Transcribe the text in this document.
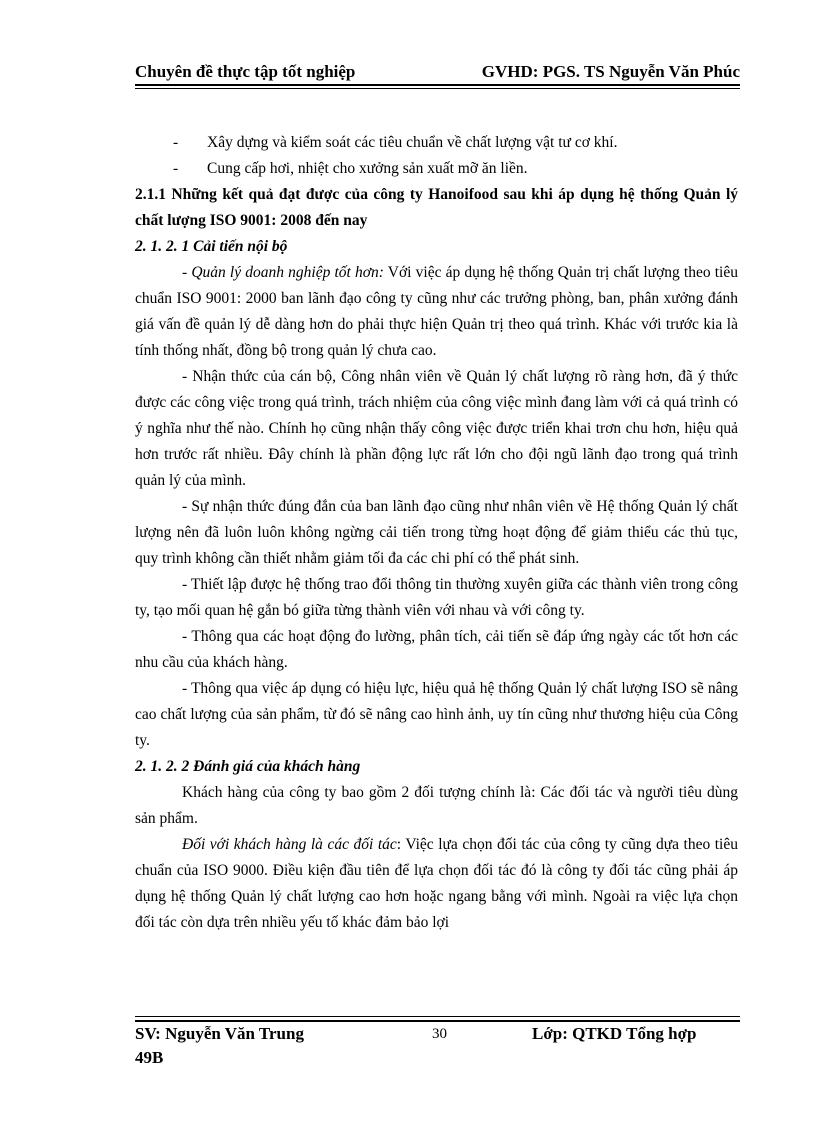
Chuyên đề thực tập tốt nghiệp	GVHD: PGS. TS Nguyễn Văn Phúc

- Xây dựng và kiểm soát các tiêu chuẩn về chất lượng vật tư cơ khí.

- Cung cấp hơi, nhiệt cho xưởng sản xuất mỡ ăn liền.

2.1.1 Những kết quả đạt được của công ty Hanoifood sau khi áp dụng hệ thống Quản lý chất lượng ISO 9001: 2008 đến nay

2. 1. 2. 1 Cải tiến nội bộ

- Quản lý doanh nghiệp tốt hơn: Với việc áp dụng hệ thống Quản trị chất lượng theo tiêu chuẩn ISO 9001: 2000 ban lãnh đạo công ty cũng như các trưởng phòng, ban, phân xưởng đánh giá vấn đề quản lý dễ dàng hơn do phải thực hiện Quản trị theo quá trình. Khác với trước kia là tính thống nhất, đồng bộ trong quản lý chưa cao.

- Nhận thức của cán bộ, Công nhân viên về Quản lý chất lượng rõ ràng hơn, đã ý thức được các công việc trong quá trình, trách nhiệm của công việc mình đang làm với cả quá trình có ý nghĩa như thế nào. Chính họ cũng nhận thấy công việc được triển khai trơn chu hơn, hiệu quả hơn trước rất nhiều. Đây chính là phần động lực rất lớn cho đội ngũ lãnh đạo trong quá trình quản lý của mình.

- Sự nhận thức đúng đắn của ban lãnh đạo cũng như nhân viên về Hệ thống Quản lý chất lượng nên đã luôn luôn không ngừng cải tiến trong từng hoạt động để giảm thiểu các thủ tục, quy trình không cần thiết nhằm giảm tối đa các chi phí có thể phát sinh.

- Thiết lập được hệ thống trao đổi thông tin thường xuyên giữa các thành viên trong công ty, tạo mối quan hệ gắn bó giữa từng thành viên với nhau và với công ty.

- Thông qua các hoạt động đo lường, phân tích, cải tiến sẽ đáp ứng ngày các tốt hơn các nhu cầu của khách hàng.

- Thông qua việc áp dụng có hiệu lực, hiệu quả hệ thống Quản lý chất lượng ISO sẽ nâng cao chất lượng của sản phẩm, từ đó sẽ nâng cao hình ảnh, uy tín cũng như thương hiệu của Công ty.

2. 1. 2. 2 Đánh giá của khách hàng

Khách hàng của công ty bao gồm 2 đối tượng chính là: Các đối tác và người tiêu dùng sản phẩm.

Đối với khách hàng là các đối tác: Việc lựa chọn đối tác của công ty cũng dựa theo tiêu chuẩn của ISO 9000. Điều kiện đầu tiên để lựa chọn đối tác đó là công ty đối tác cũng phải áp dụng hệ thống Quản lý chất lượng cao hơn hoặc ngang bằng với mình. Ngoài ra việc lựa chọn đối tác còn dựa trên nhiều yếu tố khác đảm bảo lợi

SV: Nguyễn Văn Trung 49B
30	Lớp: QTKD Tổng hợp
